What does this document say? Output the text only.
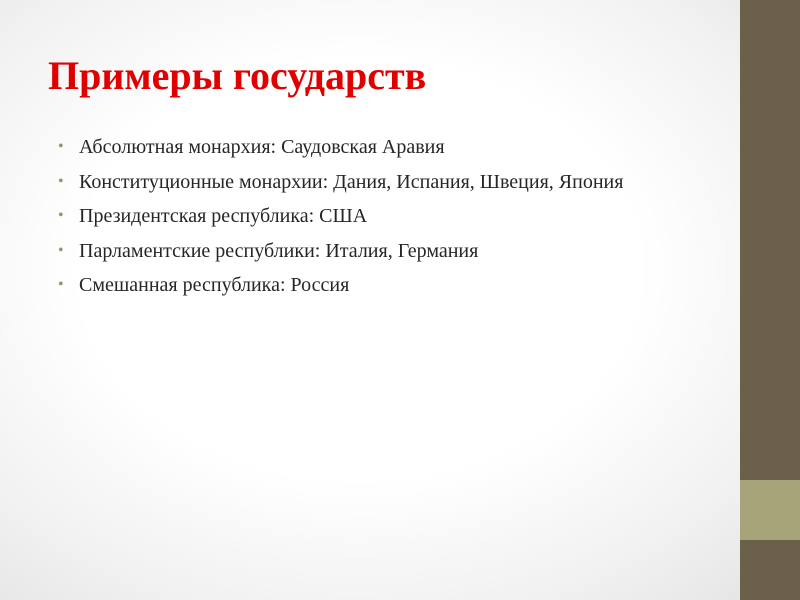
Примеры государств
• Абсолютная монархия: Саудовская Аравия
• Конституционные монархии: Дания, Испания, Швеция, Япония
• Президентская республика: США
• Парламентские республики: Италия, Германия
• Смешанная республика: Россия
